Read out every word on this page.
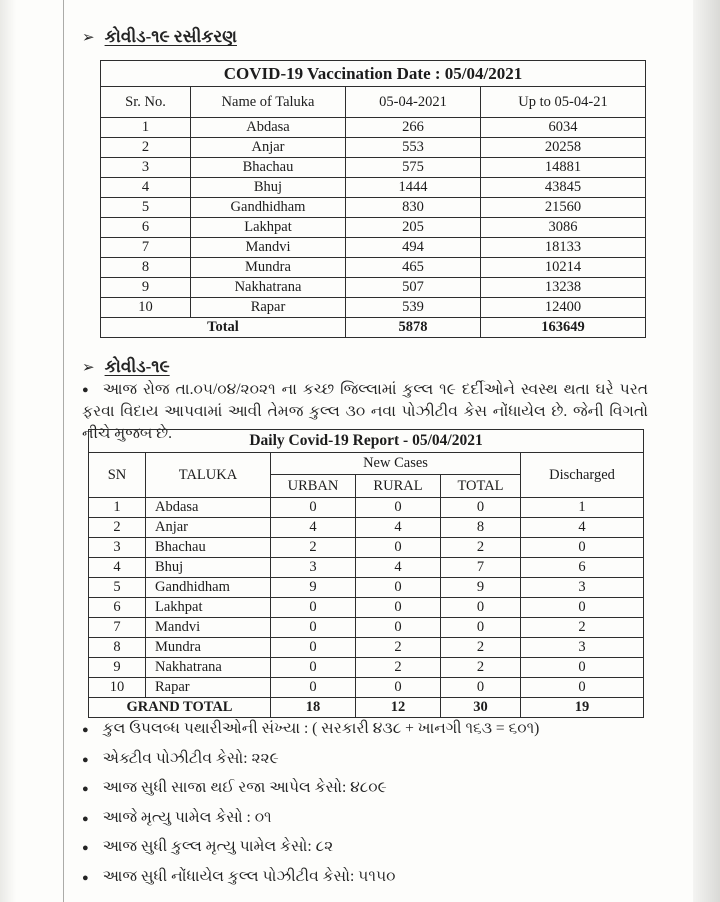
➢ કોવીડ-૧૯ રસીકરણ
COVID-19 Vaccination Date : 05/04/2021			
Sr. No.	Name of Taluka	05-04-2021	Up to 05-04-21
1	Abdasa	266	6034
2	Anjar	553	20258
3	Bhachau	575	14881
4	Bhuj	1444	43845
5	Gandhidham	830	21560
6	Lakhpat	205	3086
7	Mandvi	494	18133
8	Mundra	465	10214
9	Nakhatrana	507	13238
10	Rapar	539	12400
Total		5878	163649
➢ કોવીડ-૧૯
● આજ રોજ તા.૦૫/૦૪/૨૦૨૧ ના કચ્છ જિલ્લામાં કુલ્લ ૧૯ દર્દીઓને સ્વસ્થ થતા ઘરે પરત ફરવા વિદાય આપવામાં આવી તેમજ કુલ્લ ૩૦ નવા પોઝીટીવ કેસ નોંધાયેલ છે. જેની વિગતો નીચે મુજબ છે.	Daily Covid-19 Report - 05/04/2021					
SN	TALUKA	New Cases			Discharged
		URBAN	RURAL	TOTAL	
1	Abdasa	0	0	0	1
2	Anjar	4	4	8	4
3	Bhachau	2	0	2	0
4	Bhuj	3	4	7	6
5	Gandhidham	9	0	9	3
6	Lakhpat	0	0	0	0
7	Mandvi	0	0	0	2
8	Mundra	0	2	2	3
9	Nakhatrana	0	2	2	0
10	Rapar	0	0	0	0
GRAND TOTAL		18	12	30	19
● કુલ ઉપલબ્ધ પથારીઓની સંખ્યા : ( સરકારી ૪૩૮ + ખાનગી ૧૬૩ = ૬૦૧)
● એક્ટીવ પોઝીટીવ કેસો: ૨૨૯
● આજ સુધી સાજા થઈ રજા આપેલ કેસો: ૪૮૦૯
● આજે મૃત્યુ પામેલ કેસો : ૦૧
● આજ સુધી કુલ્લ મૃત્યુ પામેલ કેસો: ૮૨
● આજ સુધી નોંધાયેલ કુલ્લ પોઝીટીવ કેસો: ૫૧૫૦
